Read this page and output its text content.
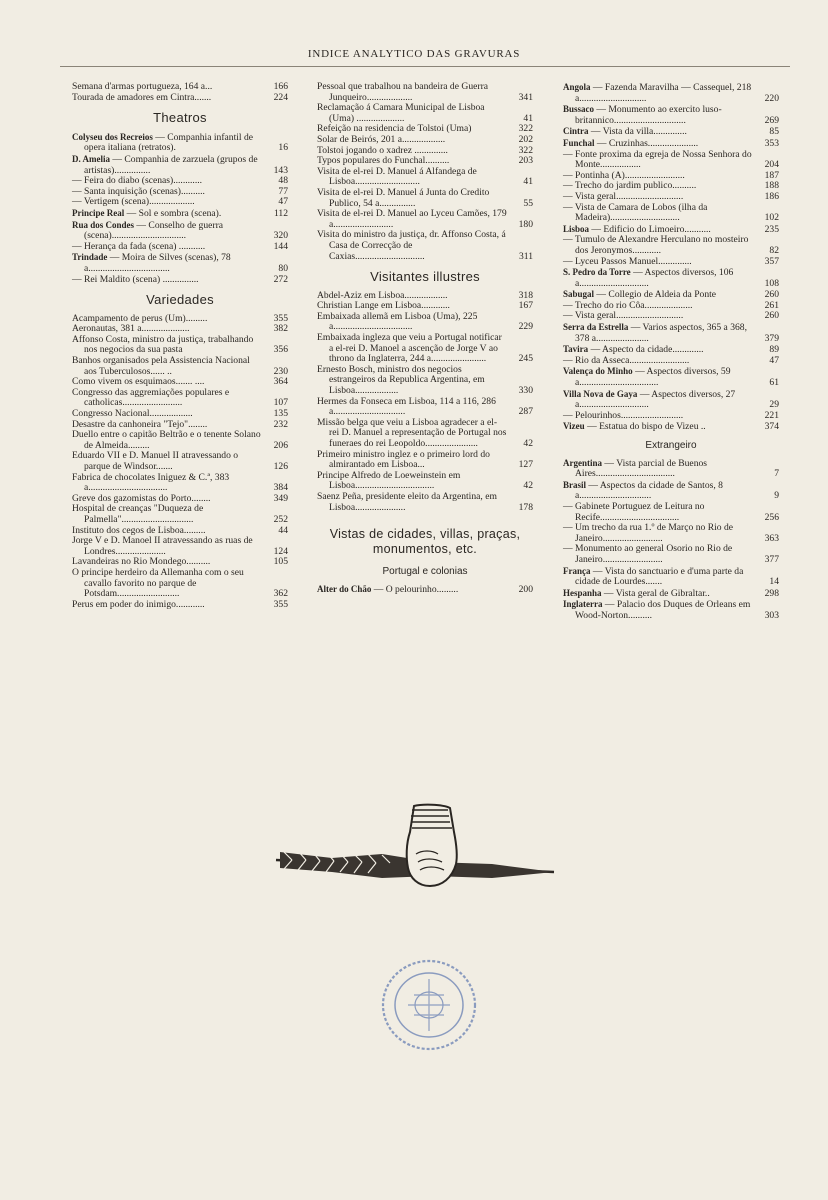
INDICE ANALYTICO DAS GRAVURAS
Semana d'armas portugueza, 164 a...	166
Tourada de amadores em Cintra.......	224
Theatros
Colyseu dos Recreios — Companhia infantil de opera italiana (retratos).	16
D. Amelia — Companhia de zarzuela (grupos de artistas)...............	143
— Feira do diabo (scenas)............	48
— Santa inquisição (scenas)..........	77
— Vertigem (scena)...................	47
Principe Real — Sol e sombra (scena).	112
Rua dos Condes — Conselho de guerra (scena)...............................	320
— Herança da fada (scena) ...........	144
Trindade — Moira de Silves (scenas), 78 a..................................	80
— Rei Maldito (scena) ...............	272
Variedades
Acampamento de perus (Um).........	355
Aeronautas, 381 a....................	382
Affonso Costa, ministro da justiça, trabalhando nos negocios da sua pasta	356
Banhos organisados pela Assistencia Nacional aos Tuberculosos...... ..	230
Como vivem os esquimaos....... ....	364
Congresso das aggremiações populares e catholicas.........................	107
Congresso Nacional..................	135
Desastre da canhoneira "Tejo"........	232
Duello entre o capitão Beltrão e o tenente Solano de Almeida.........	206
Eduardo VII e D. Manuel II atravessando o parque de Windsor.......	126
Fabrica de chocolates Iniguez & C.ª, 383 a.................................	384
Greve dos gazomistas do Porto........	349
Hospital de creanças "Duqueza de Palmella"..............................	252
Instituto dos cegos de Lisboa.........	44
Jorge V e D. Manoel II atravessando as ruas de Londres.....................	124
Lavandeiras no Rio Mondego..........	105
O principe herdeiro da Allemanha com o seu cavallo favorito no parque de Potsdam..........................	362
Perus em poder do inimigo............	355
Pessoal que trabalhou na bandeira de Guerra Junqueiro...................	341
Reclamação á Camara Municipal de Lisboa (Uma) ....................	41
Refeição na residencia de Tolstoi (Uma)	322
Solar de Beirós, 201 a..................	202
Tolstoi jogando o xadrez ..............	322
Typos populares do Funchal..........	203
Visita de el-rei D. Manuel á Alfandega de Lisboa...........................	41
Visita de el-rei D. Manuel á Junta do Credito Publico, 54 a...............	55
Visita de el-rei D. Manuel ao Lyceu Camões, 179 a.........................	180
Visita do ministro da justiça, dr. Affonso Costa, á Casa de Correcção de Caxias.............................	311
Visitantes illustres
Abdel-Aziz em Lisboa..................	318
Christian Lange em Lisboa............	167
Embaixada allemã em Lisboa (Uma), 225 a.................................	229
Embaixada ingleza que veiu a Portugal notificar a el-rei D. Manoel a ascenção de Jorge V ao throno da Inglaterra, 244 a.......................	245
Ernesto Bosch, ministro dos negocios estrangeiros da Republica Argentina, em Lisboa..................	330
Hermes da Fonseca em Lisboa, 114 a 116, 286 a..............................	287
Missão belga que veiu a Lisboa agradecer a el-rei D. Manuel a representação de Portugal nos funeraes do rei Leopoldo......................	42
Primeiro ministro inglez e o primeiro lord do almirantado em Lisboa...	127
Principe Alfredo de Loeweinstein em Lisboa.................................	42
Saenz Peña, presidente eleito da Argentina, em Lisboa.....................	178
Vistas de cidades, villas, praças, monumentos, etc.
Portugal e colonias
Alter do Chão — O pelourinho.........	200
Angola — Fazenda Maravilha — Cassequel, 218 a............................	220
Bussaco — Monumento ao exercito luso-britannico..............................	269
Cintra — Vista da villa..............	85
Funchal — Cruzinhas.....................	353
— Fonte proxima da egreja de Nossa Senhora do Monte.................	204
— Pontinha (A).........................	187
— Trecho do jardim publico..........	188
— Vista geral............................	186
— Vista de Camara de Lobos (ilha da Madeira).............................	102
Lisboa — Edificio do Limoeiro...........	235
— Tumulo de Alexandre Herculano no mosteiro dos Jeronymos............	82
— Lyceu Passos Manuel..............	357
S. Pedro da Torre — Aspectos diversos, 106 a.............................	108
Sabugal — Collegio de Aldeia da Ponte	260
— Trecho do rio Côa....................	261
— Vista geral............................	260
Serra da Estrella — Varios aspectos, 365 a 368, 378 a......................	379
Tavira — Aspecto da cidade.............	89
— Rio da Asseca.........................	47
Valença do Minho — Aspectos diversos, 59 a.................................	61
Villa Nova de Gaya — Aspectos diversos, 27 a.............................	29
— Pelourinhos..........................	221
Vizeu — Estatua do bispo de Vizeu ..	374
Extrangeiro
Argentina — Vista parcial de Buenos Aires.................................	7
Brasil — Aspectos da cidade de Santos, 8 a..............................	9
— Gabinete Portuguez de Leitura no Recife.................................	256
— Um trecho da rua 1.º de Março no Rio de Janeiro.........................	363
— Monumento ao general Osorio no Rio de Janeiro.........................	377
França — Vista do sanctuario e d'uma parte da cidade de Lourdes.......	14
Hespanha — Vista geral de Gibraltar..	298
Inglaterra — Palacio dos Duques de Orleans em Wood-Norton..........	303
